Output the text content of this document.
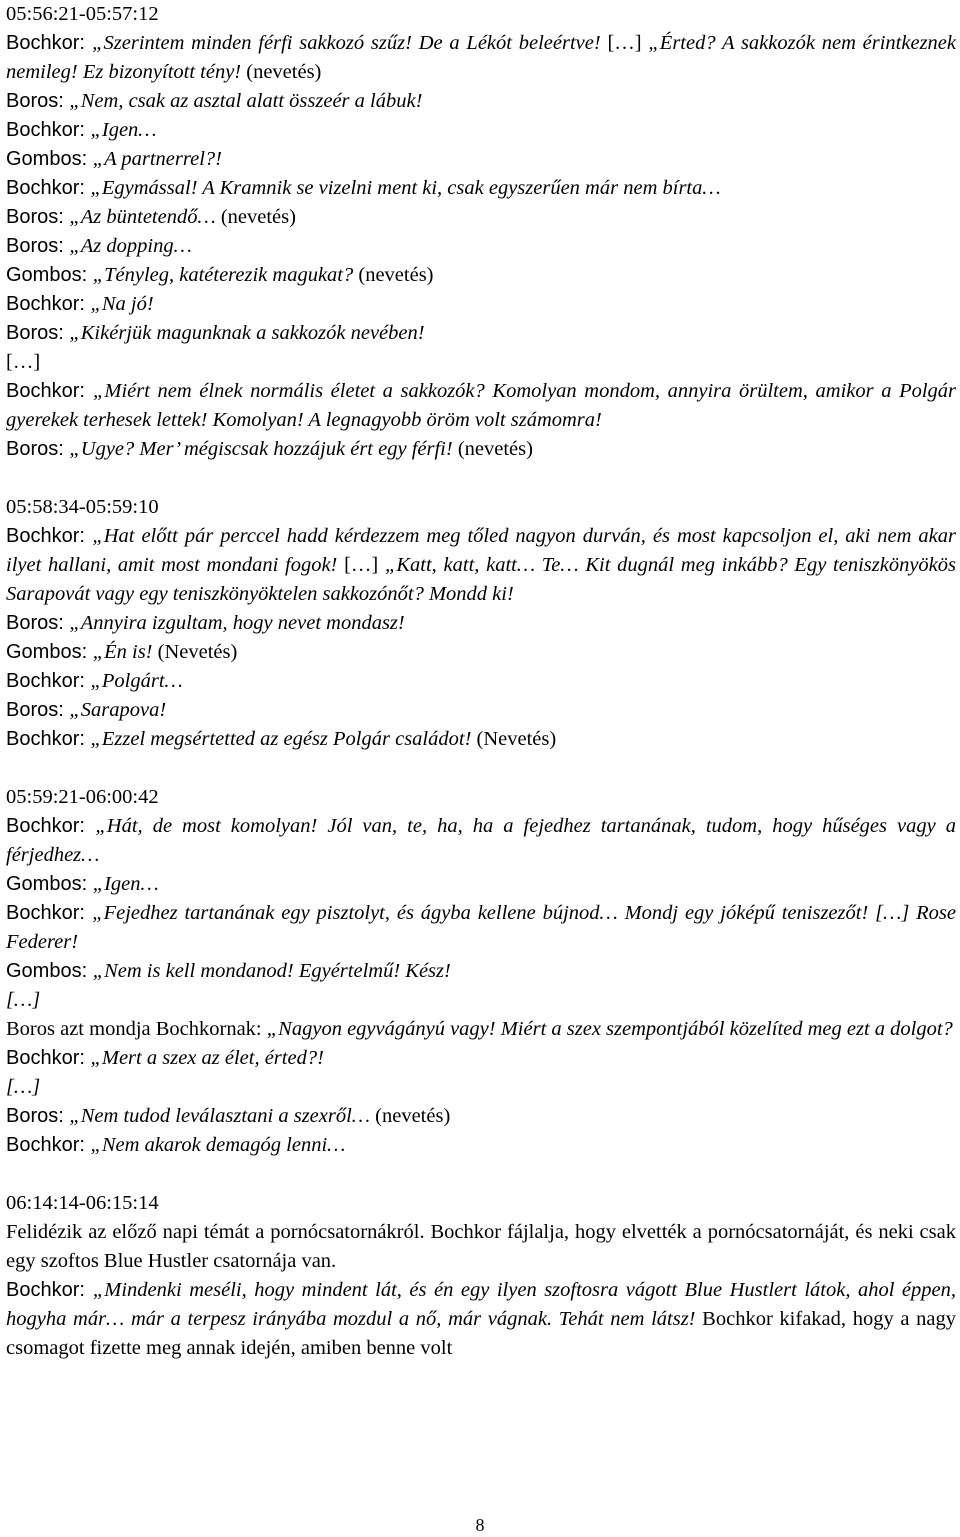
05:56:21-05:57:12

Bochkor: „Szerintem minden férfi sakkozó szűz! De a Lékót beleértve! […] „Érted? A sakkozók nem érintkeznek nemileg! Ez bizonyított tény! (nevetés)

Boros: „Nem, csak az asztal alatt összeér a lábuk!

Bochkor: „Igen…

Gombos: „A partnerrel?!

Bochkor: „Egymással! A Kramnik se vizelni ment ki, csak egyszerűen már nem bírta…

Boros: „Az büntetendő… (nevetés)

Boros: „Az dopping…

Gombos: „Tényleg, katéterezik magukat? (nevetés)

Bochkor: „Na jó!

Boros: „Kikérjük magunknak a sakkozók nevében!

[…]

Bochkor: „Miért nem élnek normális életet a sakkozók? Komolyan mondom, annyira örültem, amikor a Polgár gyerekek terhesek lettek! Komolyan! A legnagyobb öröm volt számomra!

Boros: „Ugye? Mer’ mégiscsak hozzájuk ért egy férfi! (nevetés)

05:58:34-05:59:10

Bochkor: „Hat előtt pár perccel hadd kérdezzem meg tőled nagyon durván, és most kapcsoljon el, aki nem akar ilyet hallani, amit most mondani fogok! […] „Katt, katt, katt… Te… Kit dugnál meg inkább? Egy teniszkönyökös Sarapovát vagy egy teniszkönyöktelen sakkozónőt? Mondd ki!

Boros: „Annyira izgultam, hogy nevet mondasz!

Gombos: „Én is! (Nevetés)

Bochkor: „Polgárt…

Boros: „Sarapova!

Bochkor: „Ezzel megsértetted az egész Polgár családot! (Nevetés)

05:59:21-06:00:42

Bochkor: „Hát, de most komolyan! Jól van, te, ha, ha a fejedhez tartanának, tudom, hogy hűséges vagy a férjedhez…

Gombos: „Igen…

Bochkor: „Fejedhez tartanának egy pisztolyt, és ágyba kellene bújnod… Mondj egy jóképű teniszezőt! […] Rose Federer!

Gombos: „Nem is kell mondanod! Egyértelmű! Kész!

[…]

Boros azt mondja Bochkornak: „Nagyon egyvágányú vagy! Miért a szex szempontjából közelíted meg ezt a dolgot?

Bochkor: „Mert a szex az élet, érted?!

[…]

Boros: „Nem tudod leválasztani a szexről… (nevetés)

Bochkor: „Nem akarok demagóg lenni…

06:14:14-06:15:14

Felidézik az előző napi témát a pornócsatornákról. Bochkor fájlalja, hogy elvették a pornócsatornáját, és neki csak egy szoftos Blue Hustler csatornája van.

Bochkor: „Mindenki meséli, hogy mindent lát, és én egy ilyen szoftosra vágott Blue Hustlert látok, ahol éppen, hogyha már… már a terpesz irányába mozdul a nő, már vágnak. Tehát nem látsz! Bochkor kifakad, hogy a nagy csomagot fizette meg annak idején, amiben benne volt

8
